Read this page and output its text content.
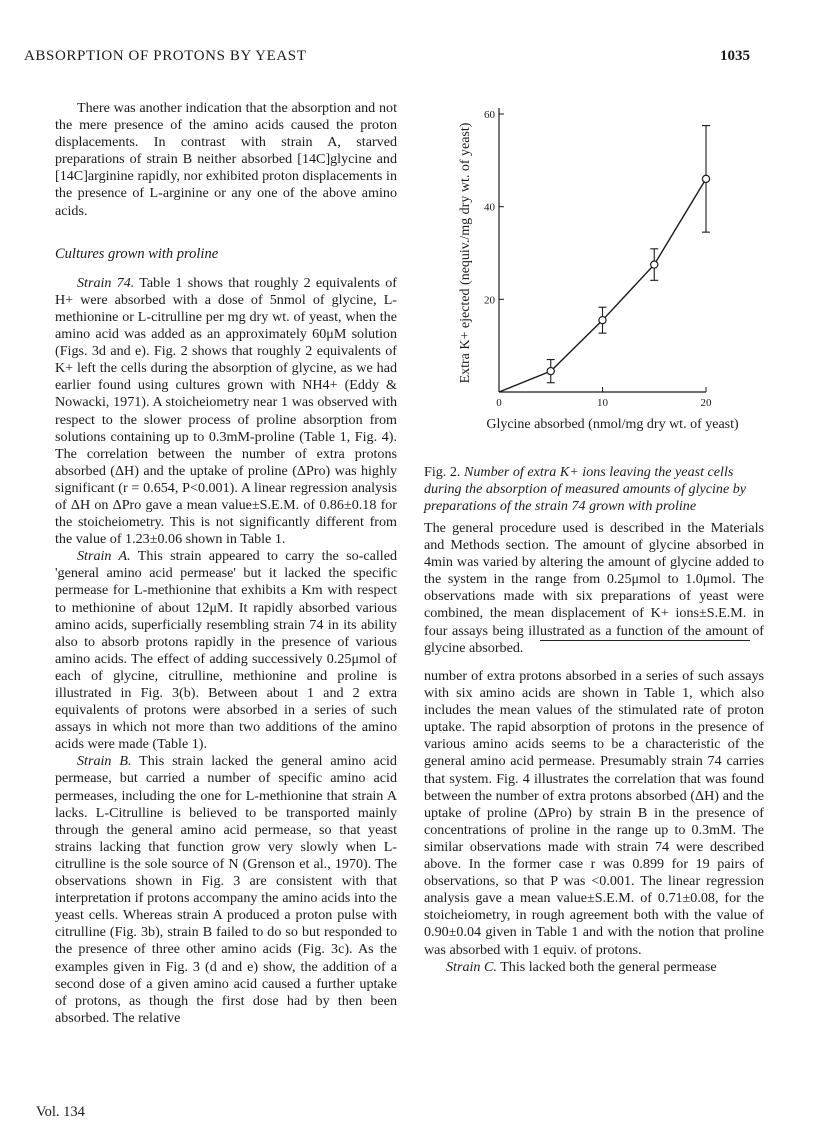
ABSORPTION OF PROTONS BY YEAST	1035

There was another indication that the absorption and not the mere presence of the amino acids caused the proton displacements. In contrast with strain A, starved preparations of strain B neither absorbed [14C]glycine and [14C]arginine rapidly, nor exhibited proton displacements in the presence of L-arginine or any one of the above amino acids.

Cultures grown with proline

Strain 74. Table 1 shows that roughly 2 equivalents of H+ were absorbed with a dose of 5nmol of glycine, L-methionine or L-citrulline per mg dry wt. of yeast, when the amino acid was added as an approximately 60μM solution (Figs. 3d and e). Fig. 2 shows that roughly 2 equivalents of K+ left the cells during the absorption of glycine, as we had earlier found using cultures grown with NH4+ (Eddy & Nowacki, 1971). A stoicheiometry near 1 was observed with respect to the slower process of proline absorption from solutions containing up to 0.3mM-proline (Table 1, Fig. 4). The correlation between the number of extra protons absorbed (ΔH) and the uptake of proline (ΔPro) was highly significant (r = 0.654, P<0.001). A linear regression analysis of ΔH on ΔPro gave a mean value±S.E.M. of 0.86±0.18 for the stoicheiometry. This is not significantly different from the value of 1.23±0.06 shown in Table 1.

Strain A. This strain appeared to carry the so-called 'general amino acid permease' but it lacked the specific permease for L-methionine that exhibits a Km with respect to methionine of about 12μM. It rapidly absorbed various amino acids, superficially resembling strain 74 in its ability also to absorb protons rapidly in the presence of various amino acids. The effect of adding successively 0.25μmol of each of glycine, citrulline, methionine and proline is illustrated in Fig. 3(b). Between about 1 and 2 extra equivalents of protons were absorbed in a series of such assays in which not more than two additions of the amino acids were made (Table 1).

Strain B. This strain lacked the general amino acid permease, but carried a number of specific amino acid permeases, including the one for L-methionine that strain A lacks. L-Citrulline is believed to be transported mainly through the general amino acid permease, so that yeast strains lacking that function grow very slowly when L-citrulline is the sole source of N (Grenson et al., 1970). The observations shown in Fig. 3 are consistent with that interpretation if protons accompany the amino acids into the yeast cells. Whereas strain A produced a proton pulse with citrulline (Fig. 3b), strain B failed to do so but responded to the presence of three other amino acids (Fig. 3c). As the examples given in Fig. 3 (d and e) show, the addition of a second dose of a given amino acid caused a further uptake of protons, as though the first dose had by then been absorbed. The relative

0	10	20
20
40
60
Glycine absorbed (nmol/mg dry wt. of yeast)
Extra K+ ejected (nequiv./mg dry wt. of yeast)
Fig. 2. Number of extra K+ ions leaving the yeast cells during the absorption of measured amounts of glycine by preparations of the strain 74 grown with proline

The general procedure used is described in the Materials and Methods section. The amount of glycine absorbed in 4min was varied by altering the amount of glycine added to the system in the range from 0.25μmol to 1.0μmol. The observations made with six preparations of yeast were combined, the mean displacement of K+ ions±S.E.M. in four assays being illustrated as a function of the amount of glycine absorbed.

number of extra protons absorbed in a series of such assays with six amino acids are shown in Table 1, which also includes the mean values of the stimulated rate of proton uptake. The rapid absorption of protons in the presence of various amino acids seems to be a characteristic of the general amino acid permease. Presumably strain 74 carries that system. Fig. 4 illustrates the correlation that was found between the number of extra protons absorbed (ΔH) and the uptake of proline (ΔPro) by strain B in the presence of concentrations of proline in the range up to 0.3mM. The similar observations made with strain 74 were described above. In the former case r was 0.899 for 19 pairs of observations, so that P was <0.001. The linear regression analysis gave a mean value±S.E.M. of 0.71±0.08, for the stoicheiometry, in rough agreement both with the value of 0.90±0.04 given in Table 1 and with the notion that proline was absorbed with 1 equiv. of protons.

Strain C. This lacked both the general permease

Vol. 134
